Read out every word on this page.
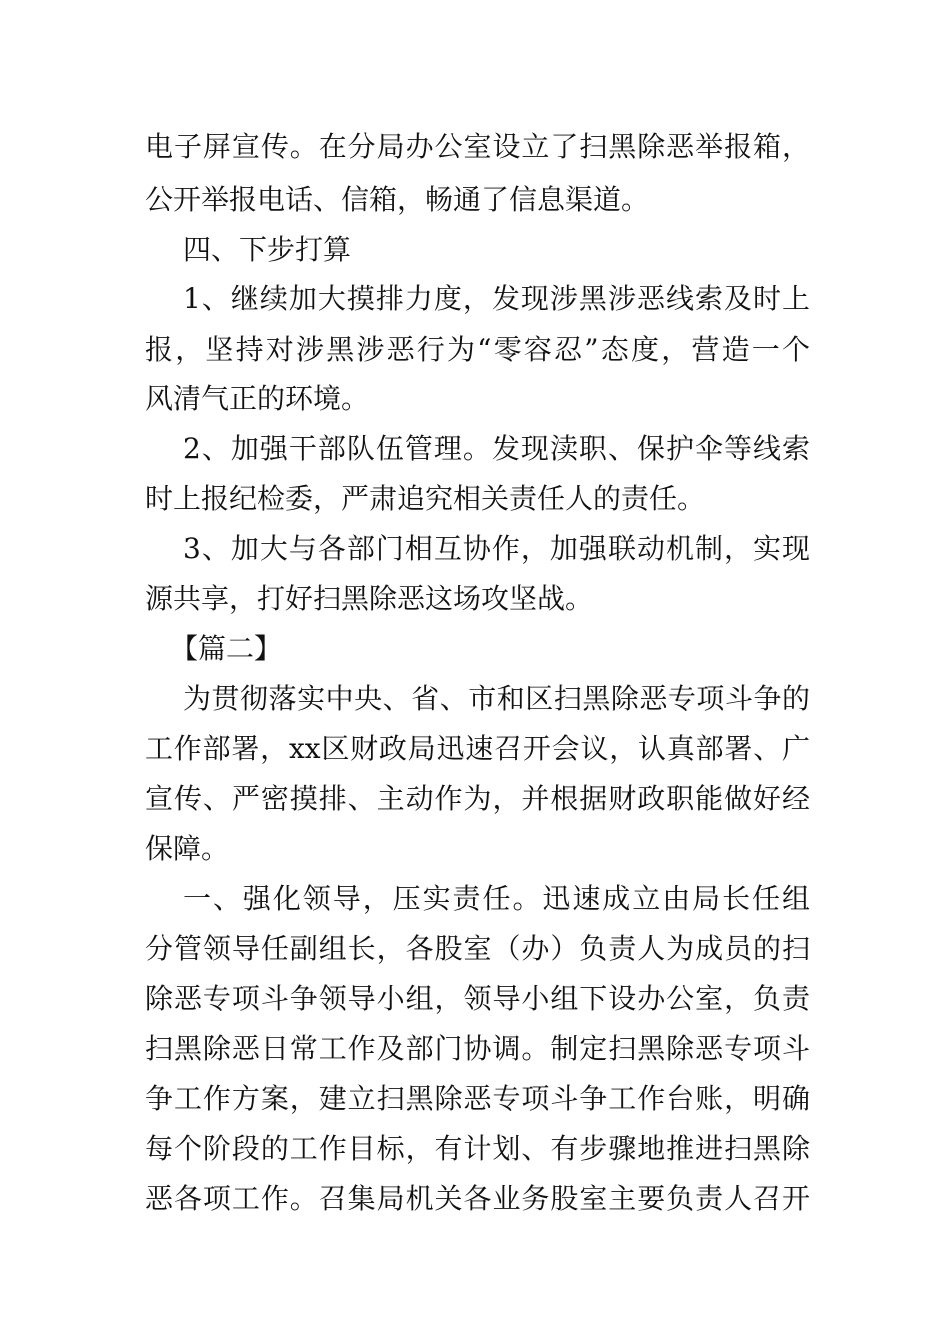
电子屏宣传。在分局办公室设立了扫黑除恶举报箱，
公开举报电话、信箱，畅通了信息渠道。
四、下步打算
1、继续加大摸排力度，发现涉黑涉恶线索及时上
报，坚持对涉黑涉恶行为“零容忍”态度，营造一个
风清气正的环境。
2、加强干部队伍管理。发现渎职、保护伞等线索
时上报纪检委，严肃追究相关责任人的责任。
3、加大与各部门相互协作，加强联动机制，实现
源共享，打好扫黑除恶这场攻坚战。
【篇二】
为贯彻落实中央、省、市和区扫黑除恶专项斗争的
工作部署，xx区财政局迅速召开会议，认真部署、广
宣传、严密摸排、主动作为，并根据财政职能做好经
保障。
一、强化领导，压实责任。迅速成立由局长任组
分管领导任副组长，各股室（办）负责人为成员的扫
除恶专项斗争领导小组，领导小组下设办公室，负责
扫黑除恶日常工作及部门协调。制定扫黑除恶专项斗
争工作方案，建立扫黑除恶专项斗争工作台账，明确
每个阶段的工作目标，有计划、有步骤地推进扫黑除
恶各项工作。召集局机关各业务股室主要负责人召开
